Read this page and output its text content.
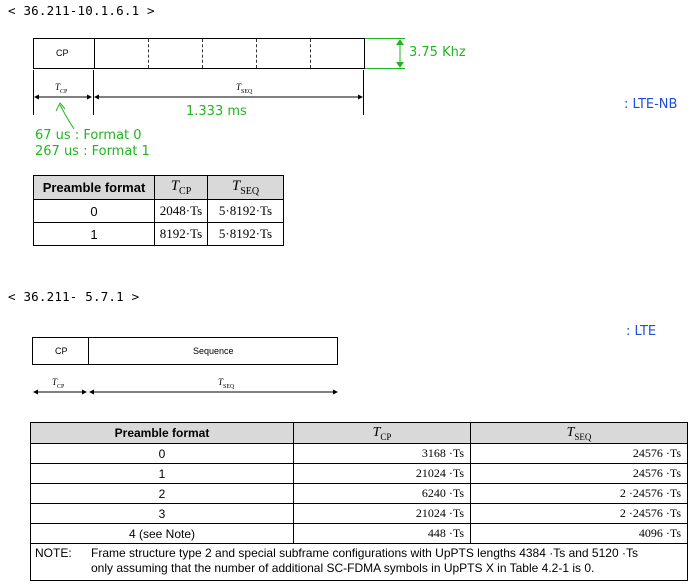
< 36.211-10.1.6.1 >
CP	3.75 Khz
$T_{CP}$	$T_{SEQ}$
1.333 ms
67 us : Format 0
267 us : Format 1
: LTE-NB
Preamble format	$T_{CP}$	$T_{SEQ}$
0	2048·Ts	5·8192·Ts
1	8192·Ts	5·8192·Ts
< 36.211- 5.7.1 >
: LTE
CP	Sequence
$T_{CP}$	$T_{SEQ}$
Preamble format	$T_{CP}$	$T_{SEQ}$
0	3168 ·Ts	24576 ·Ts
1	21024 ·Ts	24576 ·Ts
2	6240 ·Ts	2 ·24576 ·Ts
3	21024 ·Ts	2 ·24576 ·Ts
4 (see Note)	448 ·Ts	4096 ·Ts
NOTE: Frame structure type 2 and special subframe configurations with UpPTS lengths 4384 ·Ts and 5120 ·Ts only assuming that the number of additional SC-FDMA symbols in UpPTS X in Table 4.2-1 is 0.		
